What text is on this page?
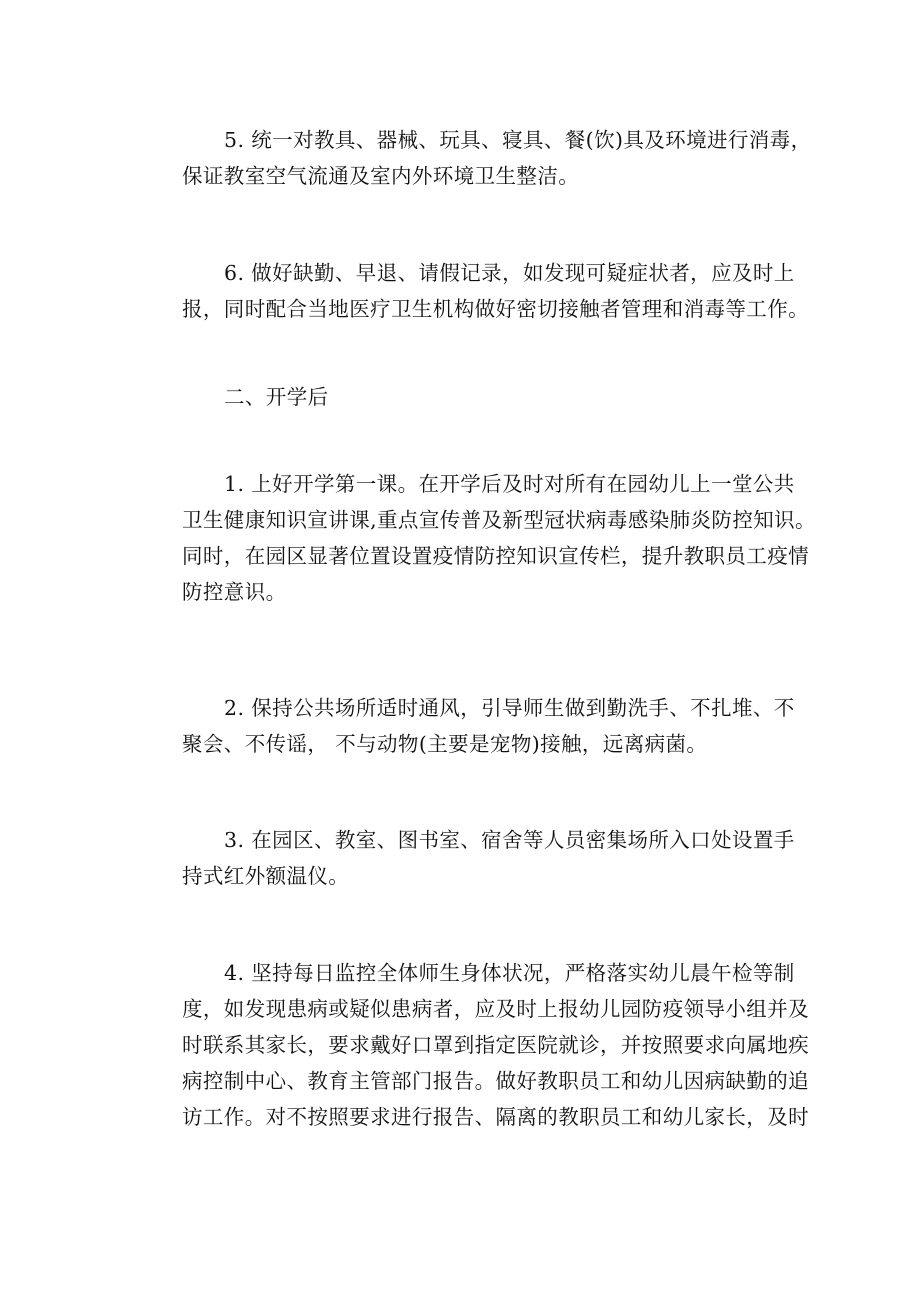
5. 统一对教具、器械、玩具、寝具、餐(饮)具及环境进行消毒，
保证教室空气流通及室内外环境卫生整洁。
6. 做好缺勤、早退、请假记录，如发现可疑症状者，应及时上
报，同时配合当地医疗卫生机构做好密切接触者管理和消毒等工作。
二、开学后
1. 上好开学第一课。在开学后及时对所有在园幼儿上一堂公共
卫生健康知识宣讲课,重点宣传普及新型冠状病毒感染肺炎防控知识。
同时，在园区显著位置设置疫情防控知识宣传栏，提升教职员工疫情
防控意识。
2. 保持公共场所适时通风，引导师生做到勤洗手、不扎堆、不
聚会、不传谣， 不与动物(主要是宠物)接触，远离病菌。
3. 在园区、教室、图书室、宿舍等人员密集场所入口处设置手
持式红外额温仪。
4. 坚持每日监控全体师生身体状况，严格落实幼儿晨午检等制
度，如发现患病或疑似患病者，应及时上报幼儿园防疫领导小组并及
时联系其家长，要求戴好口罩到指定医院就诊，并按照要求向属地疾
病控制中心、教育主管部门报告。做好教职员工和幼儿因病缺勤的追
访工作。对不按照要求进行报告、隔离的教职员工和幼儿家长，及时
